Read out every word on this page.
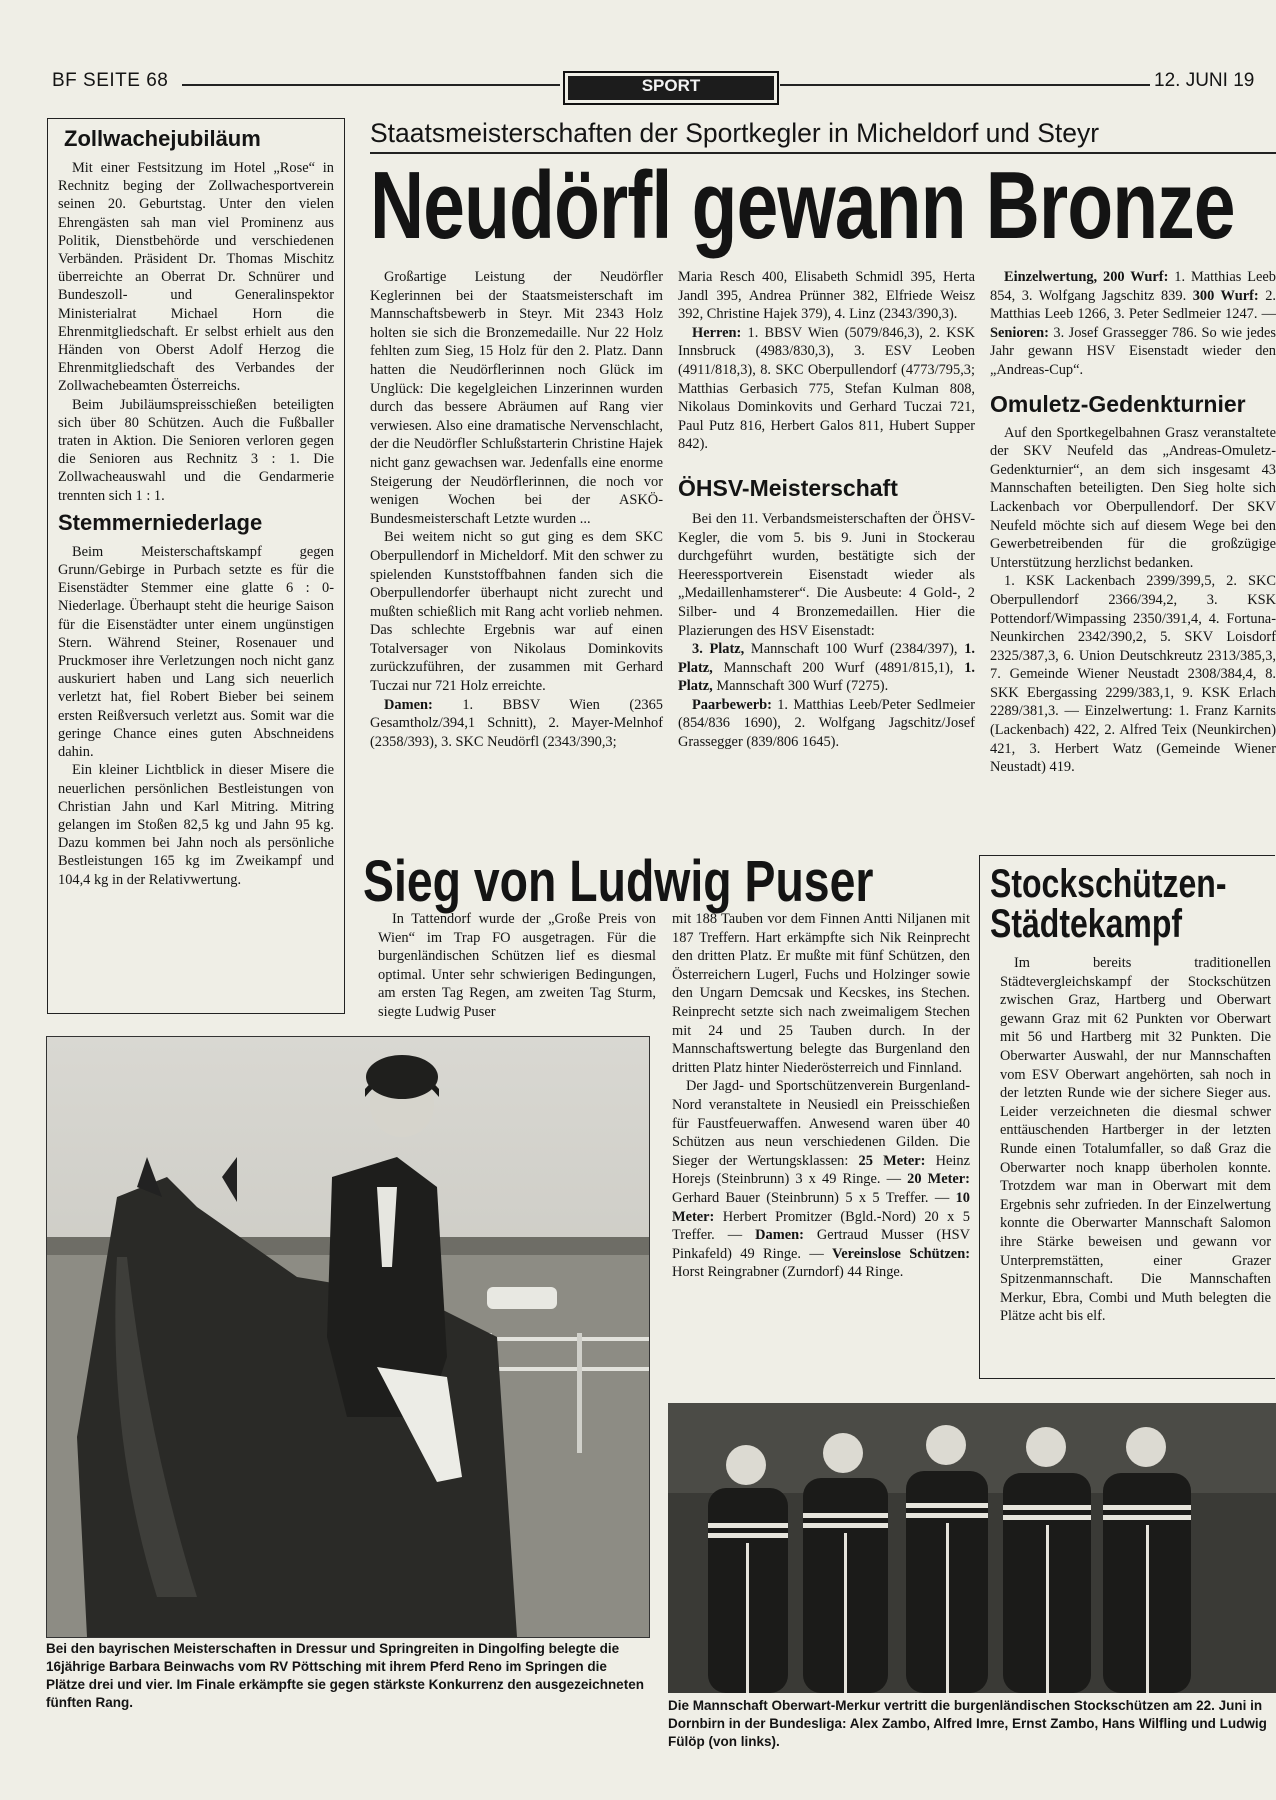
BF SEITE 68	SPORT	12. JUNI 19
Zollwachejubiläum

Mit einer Festsitzung im Hotel „Rose“ in Rechnitz beging der Zollwachesportverein seinen 20. Geburtstag. Unter den vielen Ehrengästen sah man viel Prominenz aus Politik, Dienstbehörde und verschiedenen Verbänden. Präsident Dr. Thomas Mischitz überreichte an Oberrat Dr. Schnürer und Bundeszoll- und Generalinspektor Ministerialrat Michael Horn die Ehrenmitgliedschaft. Er selbst erhielt aus den Händen von Oberst Adolf Herzog die Ehrenmitgliedschaft des Verbandes der Zollwachebeamten Österreichs.

Beim Jubiläumspreisschießen beteiligten sich über 80 Schützen. Auch die Fußballer traten in Aktion. Die Senioren verloren gegen die Senioren aus Rechnitz 3 : 1. Die Zollwacheauswahl und die Gendarmerie trennten sich 1 : 1.

Stemmerniederlage

Beim Meisterschaftskampf gegen Grunn/Gebirge in Purbach setzte es für die Eisenstädter Stemmer eine glatte 6 : 0-Niederlage. Überhaupt steht die heurige Saison für die Eisenstädter unter einem ungünstigen Stern. Während Steiner, Rosenauer und Pruckmoser ihre Verletzungen noch nicht ganz auskuriert haben und Lang sich neuerlich verletzt hat, fiel Robert Bieber bei seinem ersten Reißversuch verletzt aus. Somit war die geringe Chance eines guten Abschneidens dahin.

Ein kleiner Lichtblick in dieser Misere die neuerlichen persönlichen Bestleistungen von Christian Jahn und Karl Mitring. Mitring gelangen im Stoßen 82,5 kg und Jahn 95 kg. Dazu kommen bei Jahn noch als persönliche Bestleistungen 165 kg im Zweikampf und 104,4 kg in der Relativwertung.

Staatsmeisterschaften der Sportkegler in Micheldorf und Steyr
Neudörfl gewann Bronze

Großartige Leistung der Neudörfler Keglerinnen bei der Staatsmeisterschaft im Mannschaftsbewerb in Steyr. Mit 2343 Holz holten sie sich die Bronzemedaille. Nur 22 Holz fehlten zum Sieg, 15 Holz für den 2. Platz. Dann hatten die Neudörflerinnen noch Glück im Unglück: Die kegelgleichen Linzerinnen wurden durch das bessere Abräumen auf Rang vier verwiesen. Also eine dramatische Nervenschlacht, der die Neudörfler Schlußstarterin Christine Hajek nicht ganz gewachsen war. Jedenfalls eine enorme Steigerung der Neudörflerinnen, die noch vor wenigen Wochen bei der ASKÖ-Bundesmeisterschaft Letzte wurden ...

Bei weitem nicht so gut ging es dem SKC Oberpullendorf in Micheldorf. Mit den schwer zu spielenden Kunststoffbahnen fanden sich die Oberpullendorfer überhaupt nicht zurecht und mußten schießlich mit Rang acht vorlieb nehmen. Das schlechte Ergebnis war auf einen Totalversager von Nikolaus Dominkovits zurückzuführen, der zusammen mit Gerhard Tuczai nur 721 Holz erreichte.

Damen: 1. BBSV Wien (2365 Gesamtholz/394,1 Schnitt), 2. Mayer-Melnhof (2358/393), 3. SKC Neudörfl (2343/390,3;

Maria Resch 400, Elisabeth Schmidl 395, Herta Jandl 395, Andrea Prünner 382, Elfriede Weisz 392, Christine Hajek 379), 4. Linz (2343/390,3).

Herren: 1. BBSV Wien (5079/846,3), 2. KSK Innsbruck (4983/830,3), 3. ESV Leoben (4911/818,3), 8. SKC Oberpullendorf (4773/795,3; Matthias Gerbasich 775, Stefan Kulman 808, Nikolaus Dominkovits und Gerhard Tuczai 721, Paul Putz 816, Herbert Galos 811, Hubert Supper 842).

ÖHSV-Meisterschaft

Bei den 11. Verbandsmeisterschaften der ÖHSV-Kegler, die vom 5. bis 9. Juni in Stockerau durchgeführt wurden, bestätigte sich der Heeressportverein Eisenstadt wieder als „Medaillenhamsterer“. Die Ausbeute: 4 Gold-, 2 Silber- und 4 Bronzemedaillen. Hier die Plazierungen des HSV Eisenstadt:

3. Platz, Mannschaft 100 Wurf (2384/397), 1. Platz, Mannschaft 200 Wurf (4891/815,1), 1. Platz, Mannschaft 300 Wurf (7275).

Paarbewerb: 1. Matthias Leeb/Peter Sedlmeier (854/836 1690), 2. Wolfgang Jagschitz/Josef Grassegger (839/806 1645).

Einzelwertung, 200 Wurf: 1. Matthias Leeb 854, 3. Wolfgang Jagschitz 839. 300 Wurf: 2. Matthias Leeb 1266, 3. Peter Sedlmeier 1247. — Senioren: 3. Josef Grassegger 786. So wie jedes Jahr gewann HSV Eisenstadt wieder den „Andreas-Cup“.

Omuletz-Gedenkturnier

Auf den Sportkegelbahnen Grasz veranstaltete der SKV Neufeld das „Andreas-Omuletz-Gedenkturnier“, an dem sich insgesamt 43 Mannschaften beteiligten. Den Sieg holte sich Lackenbach vor Oberpullendorf. Der SKV Neufeld möchte sich auf diesem Wege bei den Gewerbetreibenden für die großzügige Unterstützung herzlichst bedanken.

1. KSK Lackenbach 2399/399,5, 2. SKC Oberpullendorf 2366/394,2, 3. KSK Pottendorf/Wimpassing 2350/391,4, 4. Fortuna-Neunkirchen 2342/390,2, 5. SKV Loisdorf 2325/387,3, 6. Union Deutschkreutz 2313/385,3, 7. Gemeinde Wiener Neustadt 2308/384,4, 8. SKK Ebergassing 2299/383,1, 9. KSK Erlach 2289/381,3. — Einzelwertung: 1. Franz Karnits (Lackenbach) 422, 2. Alfred Teix (Neunkirchen) 421, 3. Herbert Watz (Gemeinde Wiener Neustadt) 419.

Sieg von Ludwig Puser

In Tattendorf wurde der „Große Preis von Wien“ im Trap FO ausgetragen. Für die burgenländischen Schützen lief es diesmal optimal. Unter sehr schwierigen Bedingungen, am ersten Tag Regen, am zweiten Tag Sturm, siegte Ludwig Puser

mit 188 Tauben vor dem Finnen Antti Niljanen mit 187 Treffern. Hart erkämpfte sich Nik Reinprecht den dritten Platz. Er mußte mit fünf Schützen, den Österreichern Lugerl, Fuchs und Holzinger sowie den Ungarn Demcsak und Kecskes, ins Stechen. Reinprecht setzte sich nach zweimaligem Stechen mit 24 und 25 Tauben durch. In der Mannschaftswertung belegte das Burgenland den dritten Platz hinter Niederösterreich und Finnland.

Der Jagd- und Sportschützenverein Burgenland-Nord veranstaltete in Neusiedl ein Preisschießen für Faustfeuerwaffen. Anwesend waren über 40 Schützen aus neun verschiedenen Gilden. Die Sieger der Wertungsklassen: 25 Meter: Heinz Horejs (Steinbrunn) 3 x 49 Ringe. — 20 Meter: Gerhard Bauer (Steinbrunn) 5 x 5 Treffer. — 10 Meter: Herbert Promitzer (Bgld.-Nord) 20 x 5 Treffer. — Damen: Gertraud Musser (HSV Pinkafeld) 49 Ringe. — Vereinslose Schützen: Horst Reingrabner (Zurndorf) 44 Ringe.

Stockschützen-
Städtekampf

Im bereits traditionellen Städtevergleichskampf der Stockschützen zwischen Graz, Hartberg und Oberwart gewann Graz mit 62 Punkten vor Oberwart mit 56 und Hartberg mit 32 Punkten. Die Oberwarter Auswahl, der nur Mannschaften vom ESV Oberwart angehörten, sah noch in der letzten Runde wie der sichere Sieger aus. Leider verzeichneten die diesmal schwer enttäuschenden Hartberger in der letzten Runde einen Totalumfaller, so daß Graz die Oberwarter noch knapp überholen konnte. Trotzdem war man in Oberwart mit dem Ergebnis sehr zufrieden. In der Einzelwertung konnte die Oberwarter Mannschaft Salomon ihre Stärke beweisen und gewann vor Unterpremstätten, einer Grazer Spitzenmannschaft. Die Mannschaften Merkur, Ebra, Combi und Muth belegten die Plätze acht bis elf.

Bei den bayrischen Meisterschaften in Dressur und Springreiten in Dingolfing belegte die 16jährige Barbara Beinwachs vom RV Pöttsching mit ihrem Pferd Reno im Springen die Plätze drei und vier. Im Finale erkämpfte sie gegen stärkste Konkurrenz den ausgezeichneten fünften Rang.	Die Mannschaft Oberwart-Merkur vertritt die burgenländischen Stockschützen am 22. Juni in Dornbirn in der Bundesliga: Alex Zambo, Alfred Imre, Ernst Zambo, Hans Wilfling und Ludwig Fülöp (von links).
